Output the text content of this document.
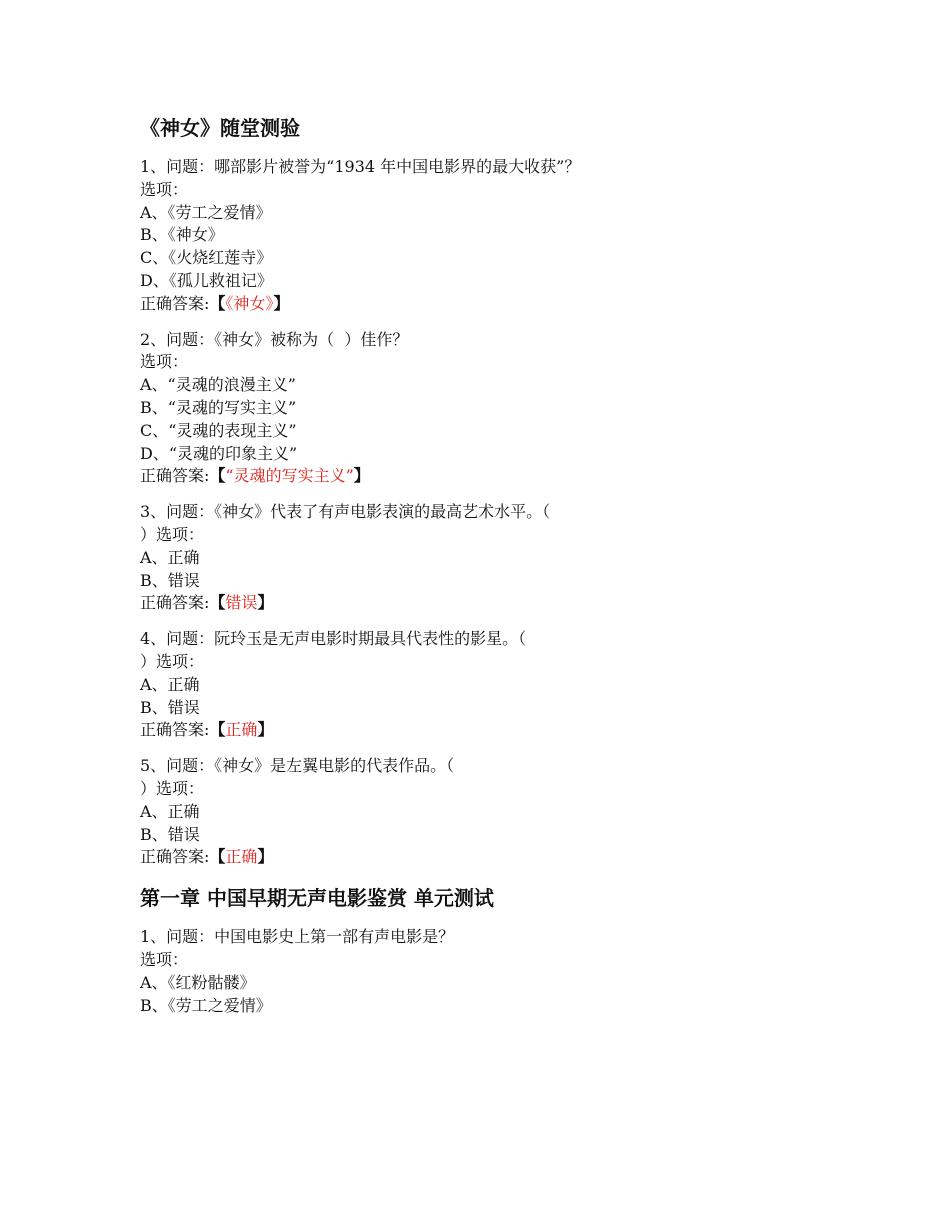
《神女》随堂测验

1、问题：哪部影片被誉为“1934 年中国电影界的最大收获”？

选项：

A、《劳工之爱情》

B、《神女》

C、《火烧红莲寺》

D、《孤儿救祖记》

正确答案:【《神女》】

2、问题：《神女》被称为（  ）佳作？

选项：

A、“灵魂的浪漫主义”

B、“灵魂的写实主义”

C、“灵魂的表现主义”

D、“灵魂的印象主义”

正确答案:【“灵魂的写实主义”】

3、问题：《神女》代表了有声电影表演的最高艺术水平。（

）选项：

A、正确

B、错误

正确答案:【错误】

4、问题：阮玲玉是无声电影时期最具代表性的影星。（

）选项：

A、正确

B、错误

正确答案:【正确】

5、问题：《神女》是左翼电影的代表作品。（

）选项：

A、正确

B、错误

正确答案:【正确】

第一章 中国早期无声电影鉴赏 单元测试

1、问题：中国电影史上第一部有声电影是？

选项：

A、《红粉骷髅》

B、《劳工之爱情》
